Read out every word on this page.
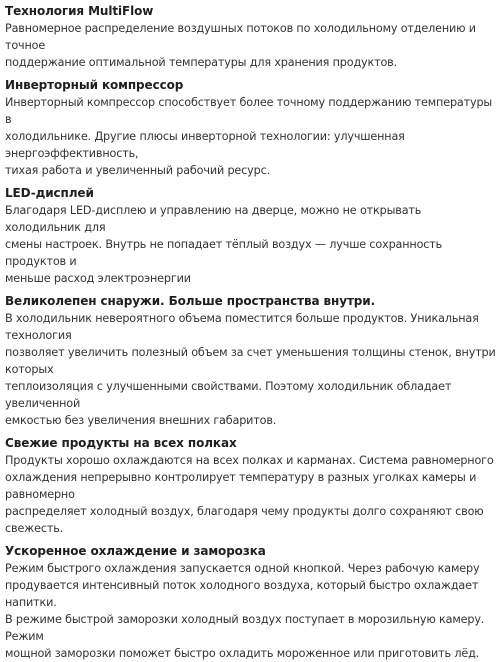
Технология MultiFlow

Равномерное распределение воздушных потоков по холодильному отделению и точное
поддержание оптимальной температуры для хранения продуктов.

Инверторный компрессор

Инверторный компрессор способствует более точному поддержанию температуры в
холодильнике. Другие плюсы инверторной технологии: улучшенная энергоэффективность,
тихая работа и увеличенный рабочий ресурс.

LED-дисплей

Благодаря LED-дисплею и управлению на дверце, можно не открывать холодильник для
смены настроек. Внутрь не попадает тёплый воздух — лучше сохранность продуктов и
меньше расход электроэнергии

Великолепен снаружи. Больше пространства внутри.

В холодильник невероятного объема поместится больше продуктов. Уникальная технология
позволяет увеличить полезный объем за счет уменьшения толщины стенок, внутри которых
теплоизоляция с улучшенными свойствами. Поэтому холодильник обладает увеличенной
емкостью без увеличения внешних габаритов.

Свежие продукты на всех полках

Продукты хорошо охлаждаются на всех полках и карманах. Система равномерного
охлаждения непрерывно контролирует температуру в разных уголках камеры и равномерно
распределяет холодный воздух, благодаря чему продукты долго сохраняют свою свежесть.

Ускоренное охлаждение и заморозка

Режим быстрого охлаждения запускается одной кнопкой. Через рабочую камеру
продувается интенсивный поток холодного воздуха, который быстро охлаждает напитки.
В режиме быстрой заморозки холодный воздух поступает в морозильную камеру. Режим
мощной заморозки поможет быстро охладить мороженное или приготовить лёд.
